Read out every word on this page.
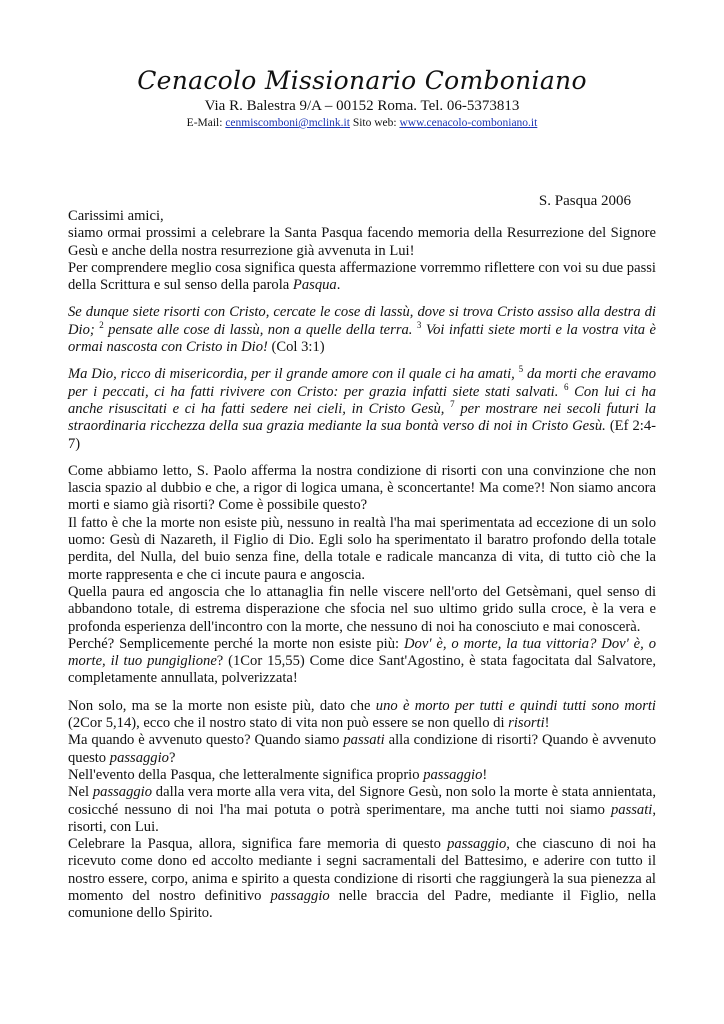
Cenacolo Missionario Comboniano
Via R. Balestra 9/A – 00152 Roma. Tel. 06-5373813
E-Mail: cenmiscomboni@mclink.it Sito web: www.cenacolo-comboniano.it
S. Pasqua 2006

Carissimi amici,

siamo ormai prossimi a celebrare la Santa Pasqua facendo memoria della Resurrezione del Signore Gesù e anche della nostra resurrezione già avvenuta in Lui!

Per comprendere meglio cosa significa questa affermazione vorremmo riflettere con voi su due passi della Scrittura e sul senso della parola Pasqua.

Se dunque siete risorti con Cristo, cercate le cose di lassù, dove si trova Cristo assiso alla destra di Dio; $^2$ pensate alle cose di lassù, non a quelle della terra. $^3$ Voi infatti siete morti e la vostra vita è ormai nascosta con Cristo in Dio! (Col 3:1)

Ma Dio, ricco di misericordia, per il grande amore con il quale ci ha amati, $^5$ da morti che eravamo per i peccati, ci ha fatti rivivere con Cristo: per grazia infatti siete stati salvati. $^6$ Con lui ci ha anche risuscitati e ci ha fatti sedere nei cieli, in Cristo Gesù, $^7$ per mostrare nei secoli futuri la straordinaria ricchezza della sua grazia mediante la sua bontà verso di noi in Cristo Gesù. (Ef 2:4-7)

Come abbiamo letto, S. Paolo afferma la nostra condizione di risorti con una convinzione che non lascia spazio al dubbio e che, a rigor di logica umana, è sconcertante! Ma come?! Non siamo ancora morti e siamo già risorti? Come è possibile questo?

Il fatto è che la morte non esiste più, nessuno in realtà l'ha mai sperimentata ad eccezione di un solo uomo: Gesù di Nazareth, il Figlio di Dio. Egli solo ha sperimentato il baratro profondo della totale perdita, del Nulla, del buio senza fine, della totale e radicale mancanza di vita, di tutto ciò che la morte rappresenta e che ci incute paura e angoscia.

Quella paura ed angoscia che lo attanaglia fin nelle viscere nell'orto del Getsèmani, quel senso di abbandono totale, di estrema disperazione che sfocia nel suo ultimo grido sulla croce, è la vera e profonda esperienza dell'incontro con la morte, che nessuno di noi ha conosciuto e mai conoscerà.

Perché? Semplicemente perché la morte non esiste più: Dov' è, o morte, la tua vittoria? Dov' è, o morte, il tuo pungiglione? (1Cor 15,55) Come dice Sant'Agostino, è stata fagocitata dal Salvatore, completamente annullata, polverizzata!

Non solo, ma se la morte non esiste più, dato che uno è morto per tutti e quindi tutti sono morti (2Cor 5,14), ecco che il nostro stato di vita non può essere se non quello di risorti!

Ma quando è avvenuto questo? Quando siamo passati alla condizione di risorti? Quando è avvenuto questo passaggio?

Nell'evento della Pasqua, che letteralmente significa proprio passaggio!

Nel passaggio dalla vera morte alla vera vita, del Signore Gesù, non solo la morte è stata annientata, cosicché nessuno di noi l'ha mai potuta o potrà sperimentare, ma anche tutti noi siamo passati, risorti, con Lui.

Celebrare la Pasqua, allora, significa fare memoria di questo passaggio, che ciascuno di noi ha ricevuto come dono ed accolto mediante i segni sacramentali del Battesimo, e aderire con tutto il nostro essere, corpo, anima e spirito a questa condizione di risorti che raggiungerà la sua pienezza al momento del nostro definitivo passaggio nelle braccia del Padre, mediante il Figlio, nella comunione dello Spirito.
